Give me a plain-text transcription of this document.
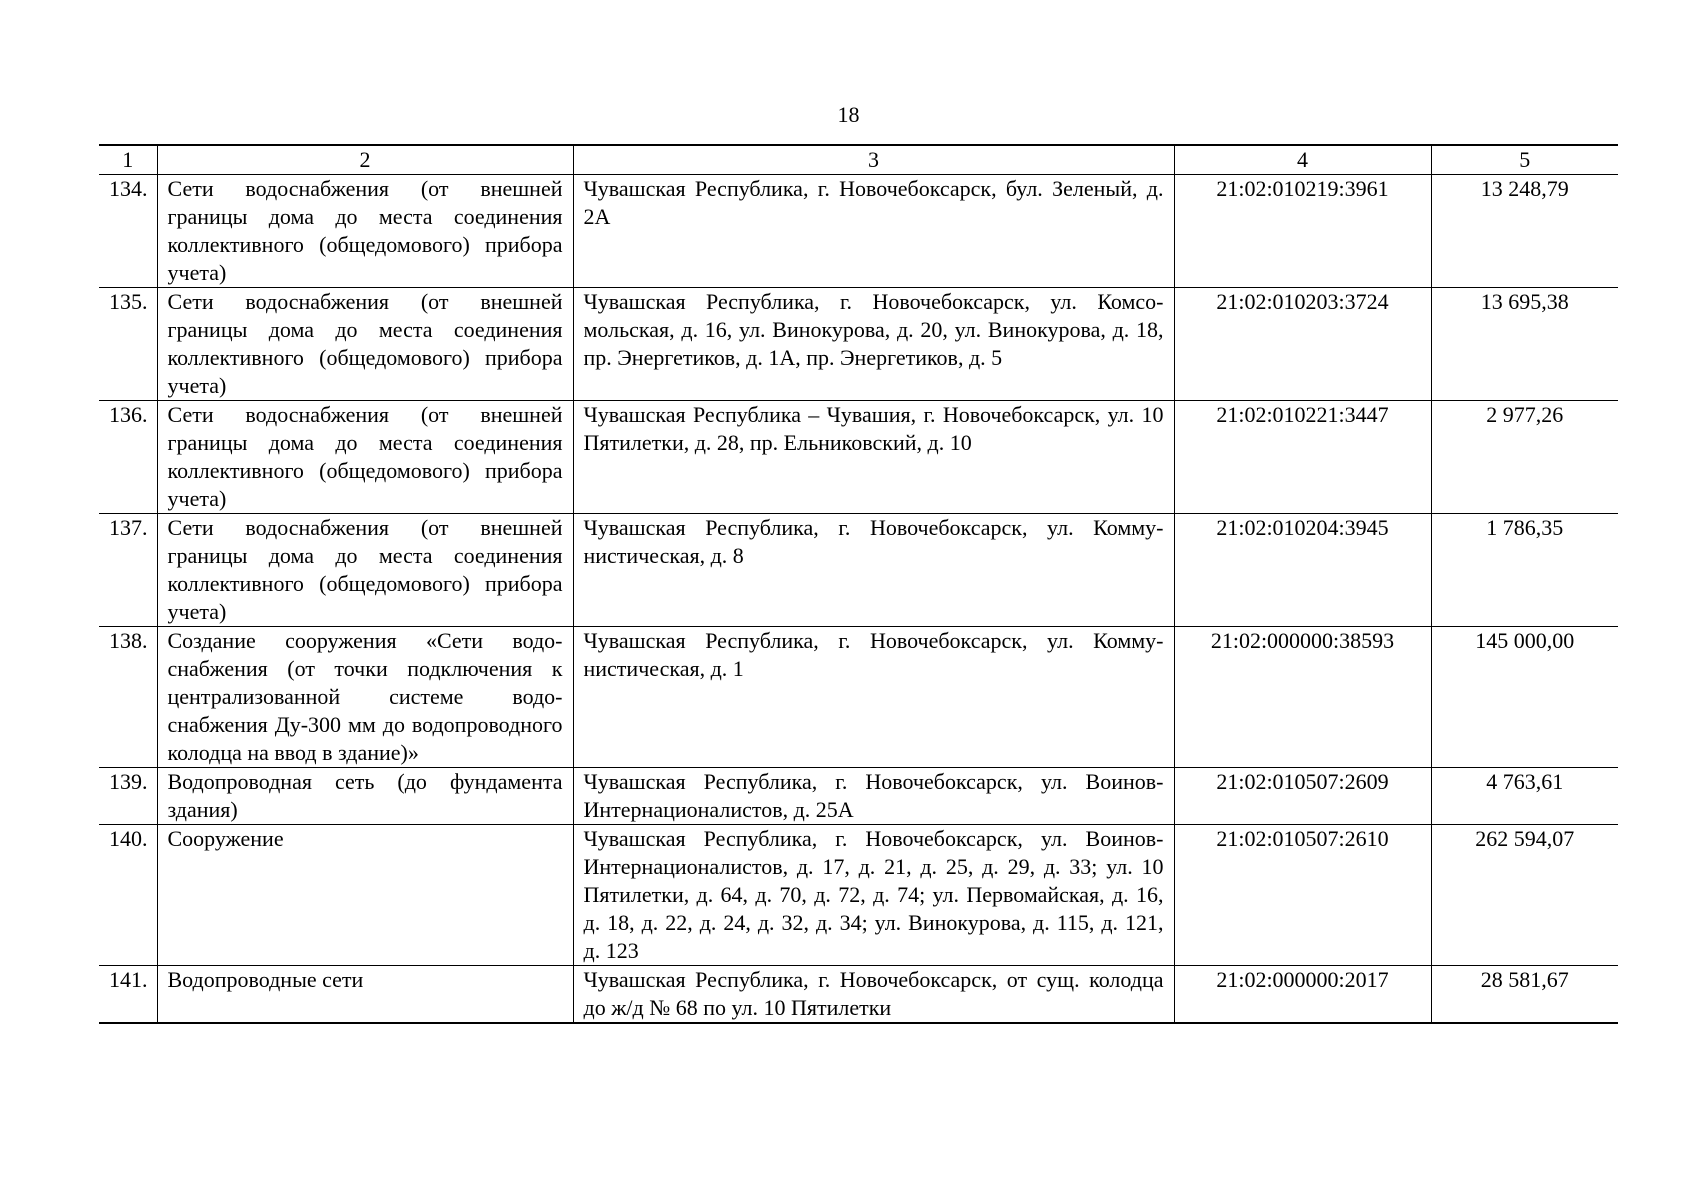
18
1	2	3	4	5
134.	Сети водоснабжения (от внешней границы дома до места соединения коллективного (общедомового) прибора учета)	Чувашская Республика, г. Новочебоксарск, бул. Зеленый, д. 2А	21:02:010219:3961	13 248,79
135.	Сети водоснабжения (от внешней границы дома до места соединения коллективного (общедомового) прибора учета)	Чувашская Республика, г. Новочебоксарск, ул. Комсомольская, д. 16, ул. Винокурова, д. 20, ул. Винокурова, д. 18, пр. Энергетиков, д. 1А, пр. Энергетиков, д. 5	21:02:010203:3724	13 695,38
136.	Сети водоснабжения (от внешней границы дома до места соединения коллективного (общедомового) прибора учета)	Чувашская Республика – Чувашия, г. Новочебоксарск, ул. 10 Пятилетки, д. 28, пр. Ельниковский, д. 10	21:02:010221:3447	2 977,26
137.	Сети водоснабжения (от внешней границы дома до места соединения коллективного (общедомового) прибора учета)	Чувашская Республика, г. Новочебоксарск, ул. Коммунистическая, д. 8	21:02:010204:3945	1 786,35
138.	Создание сооружения «Сети водоснабжения (от точки подключения к централизованной системе водоснабжения Ду-300 мм до водопроводного колодца на ввод в здание)»	Чувашская Республика, г. Новочебоксарск, ул. Коммунистическая, д. 1	21:02:000000:38593	145 000,00
139.	Водопроводная сеть (до фундамента здания)	Чувашская Республика, г. Новочебоксарск, ул. Воинов-Интернационалистов, д. 25А	21:02:010507:2609	4 763,61
140.	Сооружение	Чувашская Республика, г. Новочебоксарск, ул. Воинов-Интернационалистов, д. 17, д. 21, д. 25, д. 29, д. 33; ул. 10 Пятилетки, д. 64, д. 70, д. 72, д. 74; ул. Первомайская, д. 16, д. 18, д. 22, д. 24, д. 32, д. 34; ул. Винокурова, д. 115, д. 121, д. 123	21:02:010507:2610	262 594,07
141.	Водопроводные сети	Чувашская Республика, г. Новочебоксарск, от сущ. колодца до ж/д № 68 по ул. 10 Пятилетки	21:02:000000:2017	28 581,67
